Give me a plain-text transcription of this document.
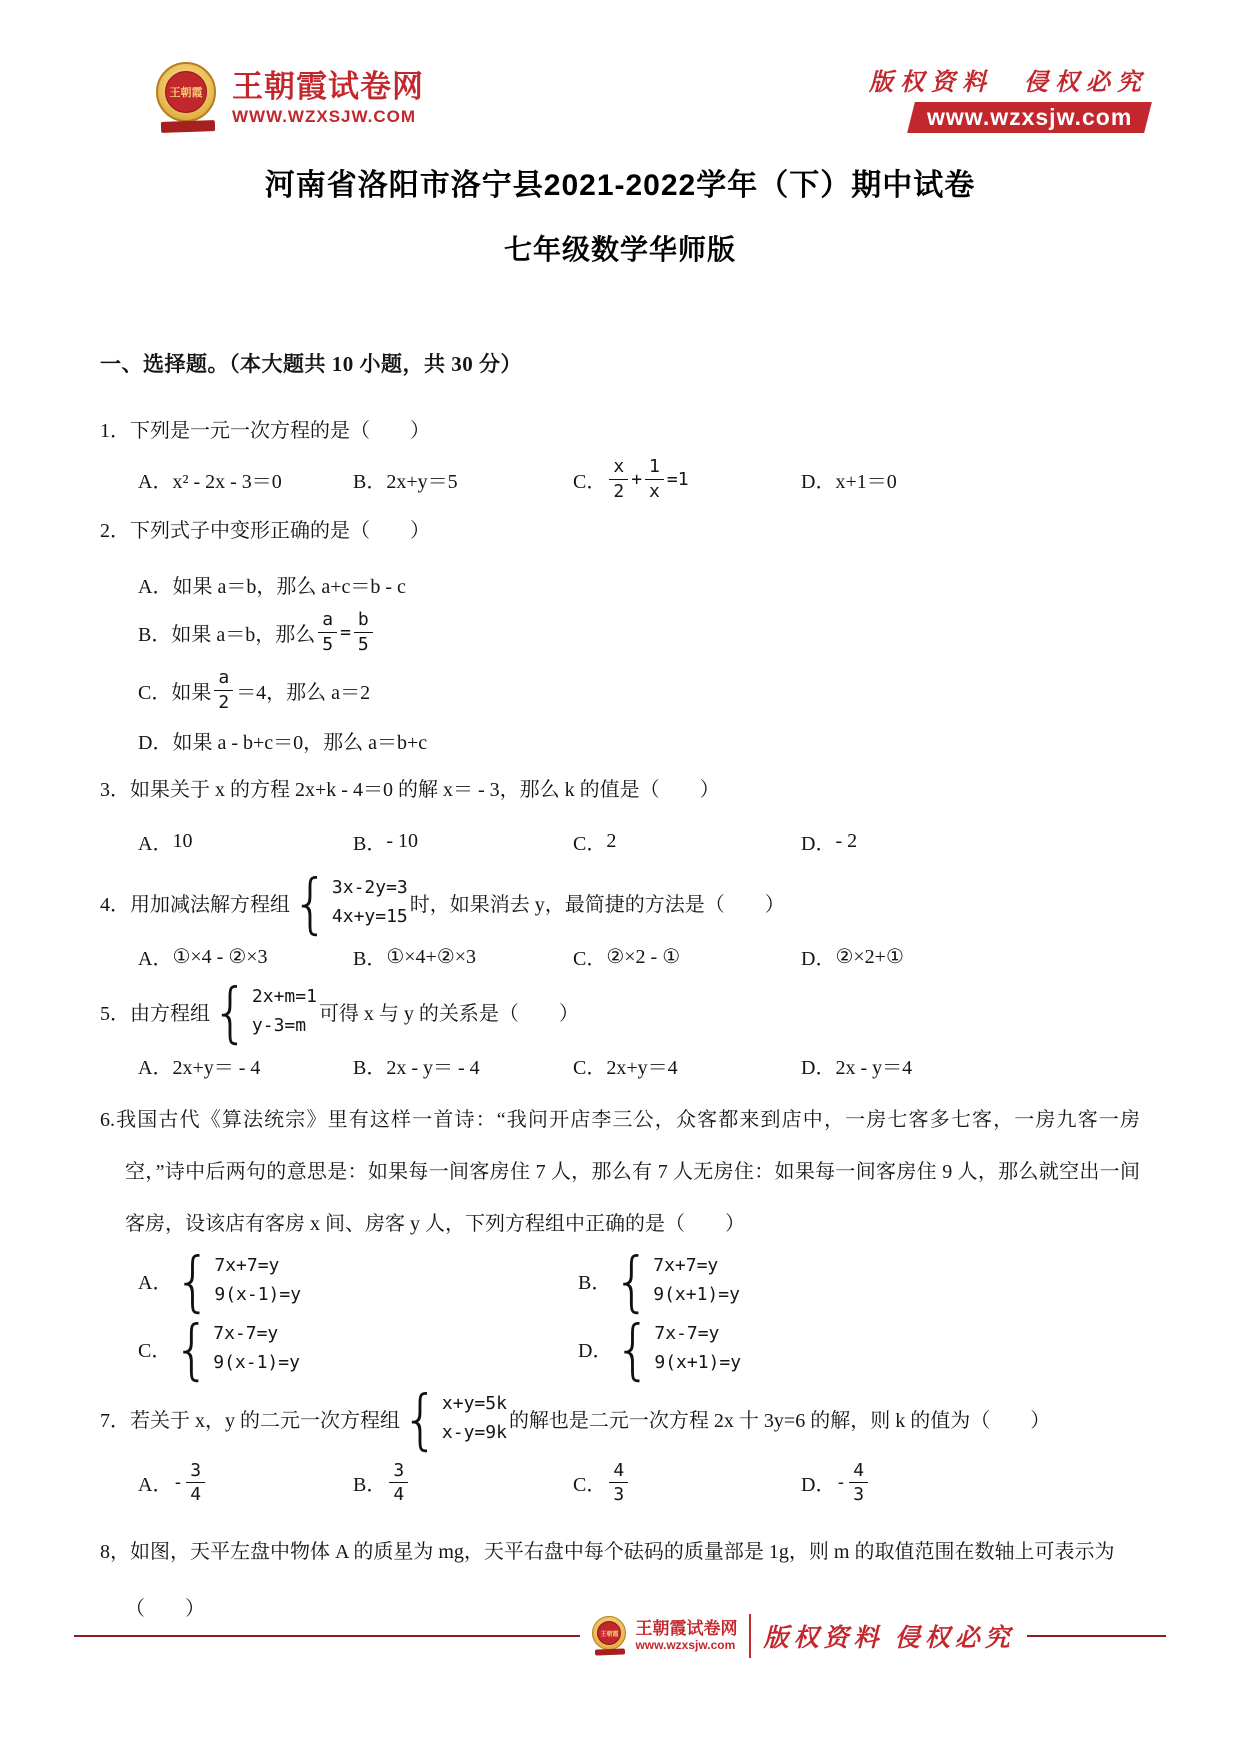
王朝霞 王朝霞试卷网
WWW.WZXSJW.COM
版权资料　侵权必究
www.wzxsjw.com
河南省洛阳市洛宁县2021-2022学年（下）期中试卷
七年级数学华师版
一、选择题。（本大题共 10 小题，共 30 分）
1．下列是一元一次方程的是（　　）
A． x² - 2x - 3＝0	B． 2x+y＝5	C． $\frac{x}{2} + \frac{1}{x} =1$	D． x+1＝0
2．下列式子中变形正确的是（　　）
A． 如果 a＝b，那么 a+c＝b - c
B． 如果 a＝b，那么 $\frac{a}{5} = \frac{b}{5}$
C． 如果 $\frac{a}{2} =4$，那么 a＝2
D． 如果 a - b+c＝0，那么 a＝b+c
3．如果关于 x 的方程 2x+k - 4＝0 的解 x＝ - 3，那么 k 的值是（　　）
A． 10	B． - 10	C． 2	D． - 2
4．用加减法解方程组 { 3x-2y=3
4x+y=15
时，如果消去 y，最简捷的方法是（　　）
A． ①×4 - ②×3	B． ①×4+②×3	C． ②×2 - ①	D． ②×2+①
5．由方程组 { 2x+m=1
y-3=m
可得 x 与 y 的关系是（　　）
A． 2x+y＝ - 4	B． 2x - y＝ - 4	C． 2x+y＝4	D． 2x - y＝4
6.我国古代《算法统宗》里有这样一首诗：“我问开店李三公，众客都来到店中，一房七客多七客，一房九客一房空，”诗中后两句的意思是：如果每一间客房住 7 人，那么有 7 人无房住：如果每一间客房住 9 人，那么就空出一间客房，设该店有客房 x 间、房客 y 人，下列方程组中正确的是（　　）
A． { 7x+7=y
9(x-1)=y
B． { 7x+7=y
9(x+1)=y
C． { 7x-7=y
9(x-1)=y
D． { 7x-7=y
9(x+1)=y
7．若关于 x，y 的二元一次方程组 { x+y=5k
x-y=9k
的解也是二元一次方程 2x 十 3y=6 的解，则 k 的值为（　　）
A． - $\frac{3}{4}$	B． $\frac{3}{4}$	C． $\frac{4}{3}$	D． - $\frac{4}{3}$
8，如图，天平左盘中物体 A 的质星为 mg，天平右盘中每个砝码的质量部是 1g，则 m 的取值范围在数轴上可表示为（　　）
王朝霞 王朝霞试卷网
www.wzxsjw.com 版权资料 侵权必究
